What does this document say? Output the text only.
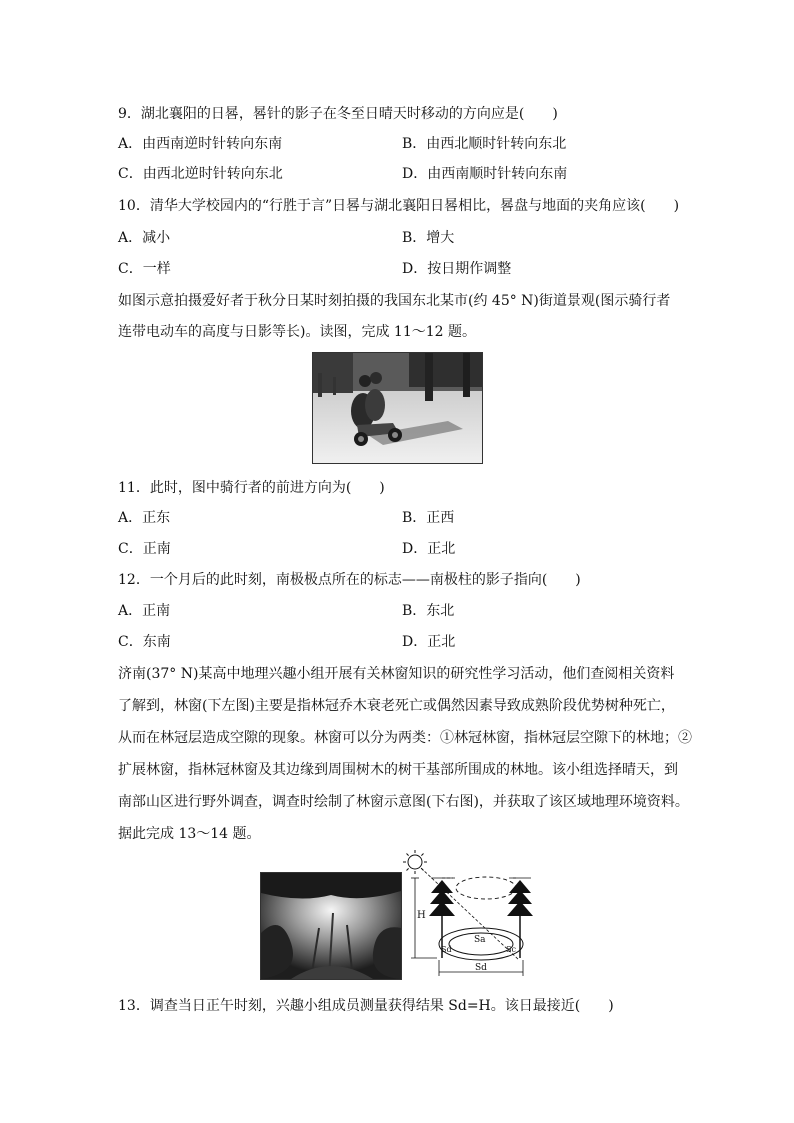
9．湖北襄阳的日晷，晷针的影子在冬至日晴天时移动的方向应是(　　)
A．由西南逆时针转向东南	B．由西北顺时针转向东北
C．由西北逆时针转向东北	D．由西南顺时针转向东南
10．清华大学校园内的“行胜于言”日晷与湖北襄阳日晷相比，晷盘与地面的夹角应该(　　)
A．减小	B．增大
C．一样	D．按日期作调整
如图示意拍摄爱好者于秋分日某时刻拍摄的我国东北某市(约 45° N)街道景观(图示骑行者
连带电动车的高度与日影等长)。读图，完成 11～12 题。
11．此时，图中骑行者的前进方向为(　　)
A．正东	B．正西
C．正南	D．正北
12．一个月后的此时刻，南极极点所在的标志——南极柱的影子指向(　　)
A．正南	B．东北
C．东南	D．正北
济南(37° N)某高中地理兴趣小组开展有关林窗知识的研究性学习活动，他们查阅相关资料
了解到，林窗(下左图)主要是指林冠乔木衰老死亡或偶然因素导致成熟阶段优势树种死亡，
从而在林冠层造成空隙的现象。林窗可以分为两类：①林冠林窗，指林冠层空隙下的林地；②
扩展林窗，指林冠林窗及其边缘到周围树木的树干基部所围成的林地。该小组选择晴天，到
南部山区进行野外调查，调查时绘制了林窗示意图(下右图)，并获取了该区域地理环境资料。
据此完成 13～14 题。
H
Sa
Sd	Sc
Sd
13．调查当日正午时刻，兴趣小组成员测量获得结果 Sd=H。该日最接近(　　)
